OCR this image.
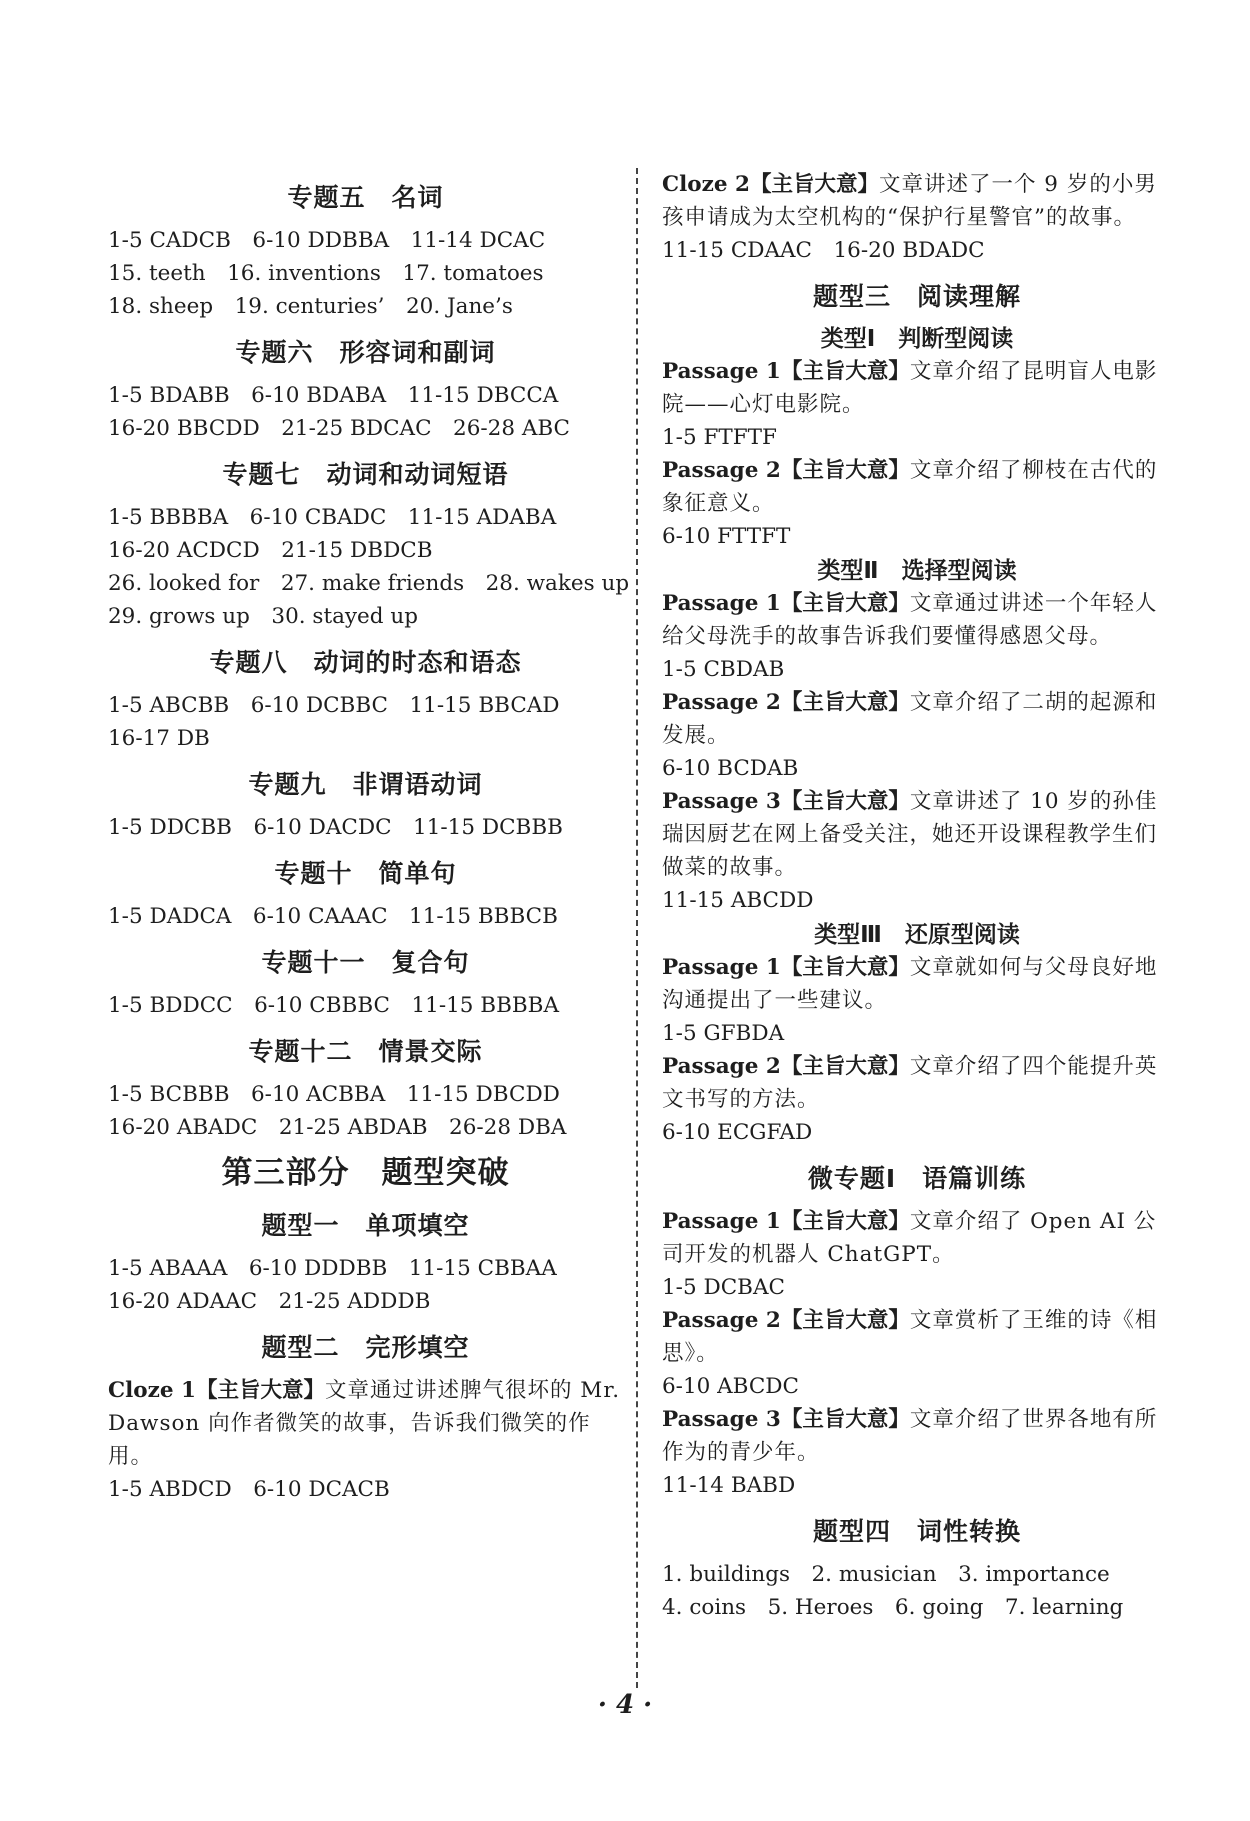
专题五　名词
1-5 CADCB　6-10 DDBBA　11-14 DCAC
15. teeth　16. inventions　17. tomatoes
18. sheep　19. centuries’　20. Jane’s
专题六　形容词和副词
1-5 BDABB　6-10 BDABA　11-15 DBCCA
16-20 BBCDD　21-25 BDCAC　26-28 ABC
专题七　动词和动词短语
1-5 BBBBA　6-10 CBADC　11-15 ADABA
16-20 ACDCD　21-15 DBDCB
26. looked for　27. make friends　28. wakes up
29. grows up　30. stayed up
专题八　动词的时态和语态
1-5 ABCBB　6-10 DCBBC　11-15 BBCAD
16-17 DB
专题九　非谓语动词
1-5 DDCBB　6-10 DACDC　11-15 DCBBB
专题十　简单句
1-5 DADCA　6-10 CAAAC　11-15 BBBCB
专题十一　复合句
1-5 BDDCC　6-10 CBBBC　11-15 BBBBA
专题十二　情景交际
1-5 BCBBB　6-10 ACBBA　11-15 DBCDD
16-20 ABADC　21-25 ABDAB　26-28 DBA
第三部分　题型突破
题型一　单项填空
1-5 ABAAA　6-10 DDDBB　11-15 CBBAA
16-20 ADAAC　21-25 ADDDB
题型二　完形填空
Cloze 1【主旨大意】文章通过讲述脾气很坏的 Mr. Dawson 向作者微笑的故事，告诉我们微笑的作用。
1-5 ABDCD　6-10 DCACB
Cloze 2【主旨大意】文章讲述了一个 9 岁的小男孩申请成为太空机构的“保护行星警官”的故事。
11-15 CDAAC　16-20 BDADC
题型三　阅读理解
类型Ⅰ　判断型阅读
Passage 1【主旨大意】文章介绍了昆明盲人电影院——心灯电影院。
1-5 FTFTF
Passage 2【主旨大意】文章介绍了柳枝在古代的象征意义。
6-10 FTTFT
类型Ⅱ　选择型阅读
Passage 1【主旨大意】文章通过讲述一个年轻人给父母洗手的故事告诉我们要懂得感恩父母。
1-5 CBDAB
Passage 2【主旨大意】文章介绍了二胡的起源和发展。
6-10 BCDAB
Passage 3【主旨大意】文章讲述了 10 岁的孙佳瑞因厨艺在网上备受关注，她还开设课程教学生们做菜的故事。
11-15 ABCDD
类型Ⅲ　还原型阅读
Passage 1【主旨大意】文章就如何与父母良好地沟通提出了一些建议。
1-5 GFBDA
Passage 2【主旨大意】文章介绍了四个能提升英文书写的方法。
6-10 ECGFAD
微专题Ⅰ　语篇训练
Passage 1【主旨大意】文章介绍了 Open AI 公司开发的机器人 ChatGPT。
1-5 DCBAC
Passage 2【主旨大意】文章赏析了王维的诗《相思》。
6-10 ABCDC
Passage 3【主旨大意】文章介绍了世界各地有所作为的青少年。
11-14 BABD
题型四　词性转换
1. buildings　2. musician　3. importance
4. coins　5. Heroes　6. going　7. learning
· 4 ·
